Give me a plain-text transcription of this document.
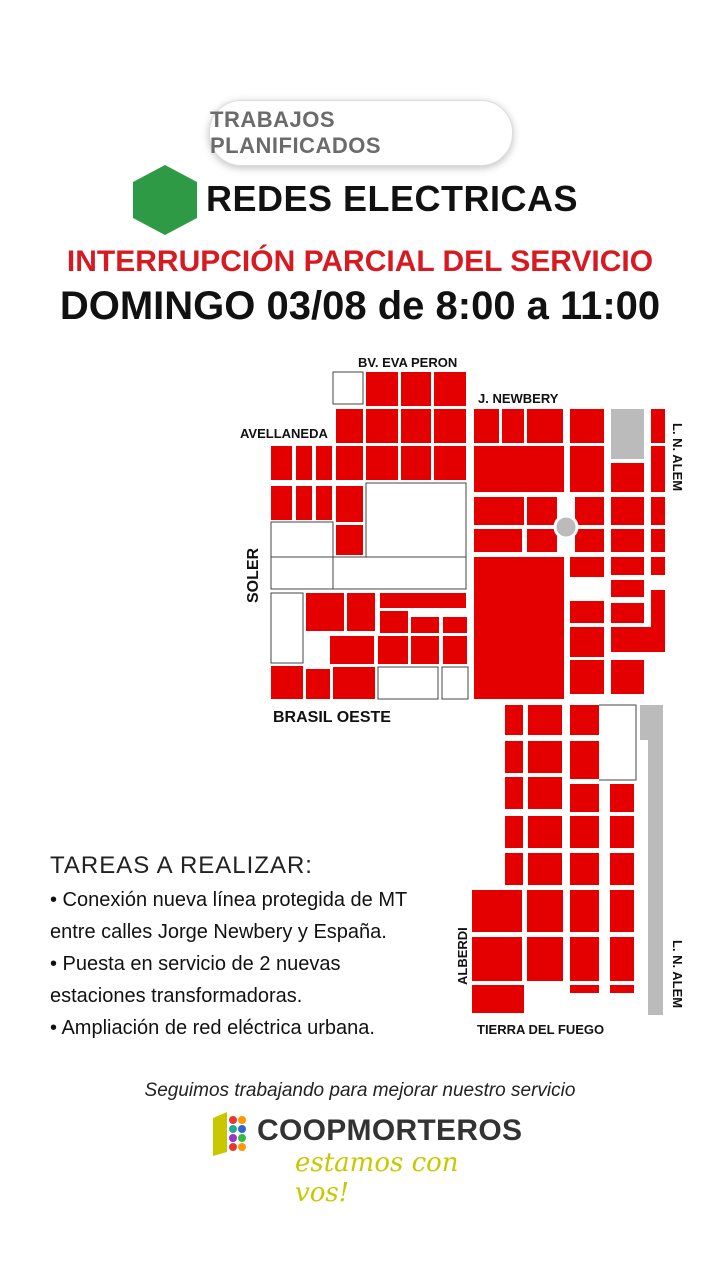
TRABAJOS PLANIFICADOS
REDES ELECTRICAS
INTERRUPCIÓN PARCIAL DEL SERVICIO
DOMINGO 03/08 de 8:00 a 11:00
BV. EVA PERON
J. NEWBERY
AVELLANEDA	L. N. ALEM
SOLER
BRASIL OESTE
ALBERDI	L. N. ALEM
TIERRA DEL FUEGO
TAREAS A REALIZAR:
• Conexión nueva línea protegida de MT
entre calles Jorge Newbery y España.
• Puesta en servicio de 2 nuevas
estaciones transformadoras.
• Ampliación de red eléctrica urbana.
Seguimos trabajando para mejorar nuestro servicio
COOPMORTEROS
estamos con vos!
